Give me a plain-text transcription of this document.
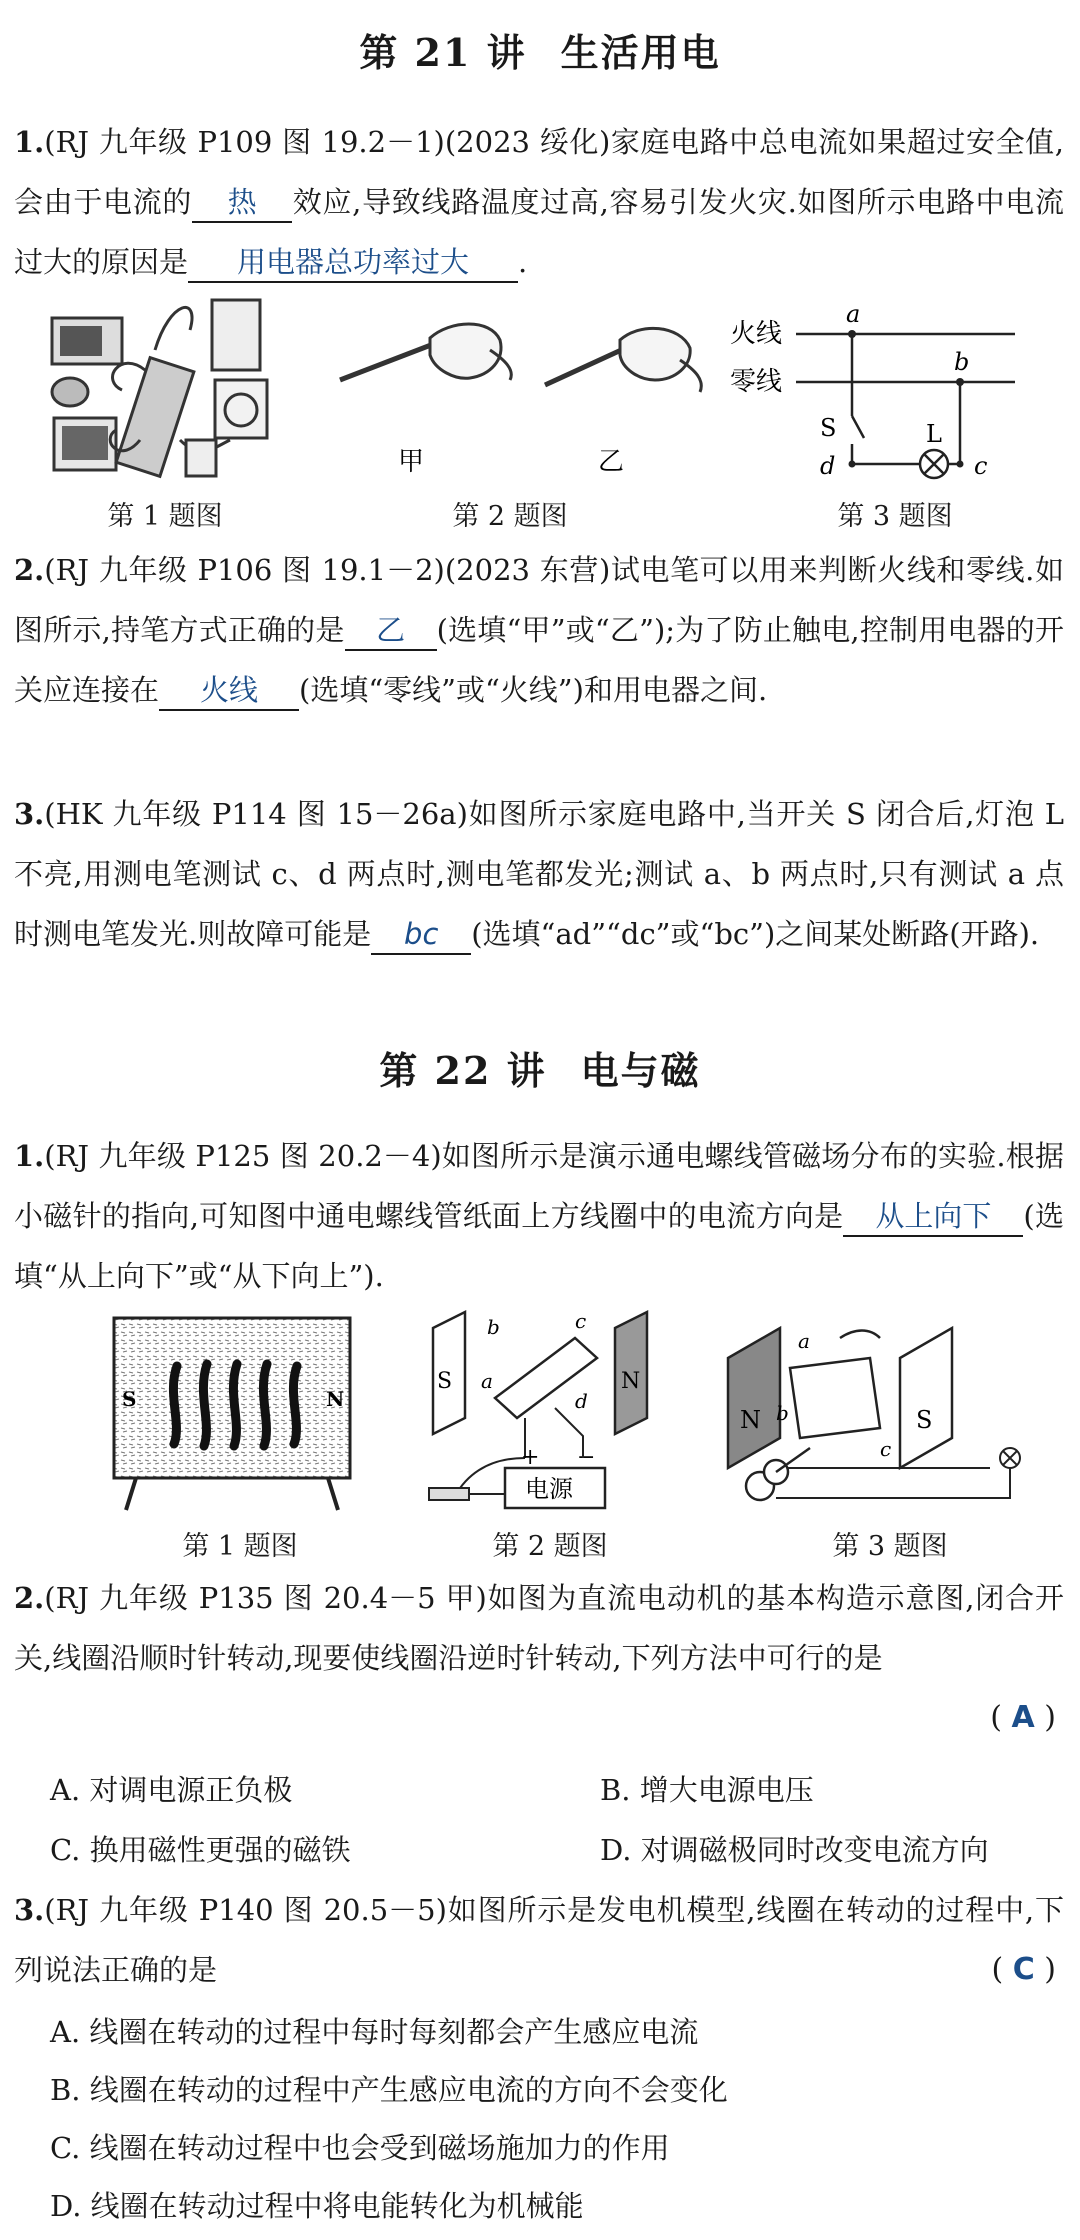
第 21 讲 生活用电
1.(RJ 九年级 P109 图 19.2－1)(2023 绥化)家庭电路中总电流如果超过安全值,会由于电流的 热 效应,导致线路温度过高,容易引发火灾.如图所示电路中电流过大的原因是 用电器总功率过大 .
第 1 题图
甲	乙
第 2 题图
火线
零线
a
b
S
d
L
c
第 3 题图
2.(RJ 九年级 P106 图 19.1－2)(2023 东营)试电笔可以用来判断火线和零线.如图所示,持笔方式正确的是 乙 (选填“甲”或“乙”);为了防止触电,控制用电器的开关应连接在 火线 (选填“零线”或“火线”)和用电器之间.
3.(HK 九年级 P114 图 15－26a)如图所示家庭电路中,当开关 S 闭合后,灯泡 L 不亮,用测电笔测试 c、d 两点时,测电笔都发光;测试 a、b 两点时,只有测试 a 点时测电笔发光.则故障可能是 bc (选填“ad”“dc”或“bc”)之间某处断路(开路).
第 22 讲 电与磁
1.(RJ 九年级 P125 图 20.2－4)如图所示是演示通电螺线管磁场分布的实验.根据小磁针的指向,可知图中通电螺线管纸面上方线圈中的电流方向是 从上向下 (选填“从上向下”或“从下向上”).
S	N
第 1 题图
S	N
b	c
a
d
电源
+ −
第 2 题图
N	S
a
b
c
第 3 题图
2.(RJ 九年级 P135 图 20.4－5 甲)如图为直流电动机的基本构造示意图,闭合开关,线圈沿顺时针转动,现要使线圈沿逆时针转动,下列方法中可行的是
( A )
A. 对调电源正负极	B. 增大电源电压
C. 换用磁性更强的磁铁	D. 对调磁极同时改变电流方向
3.(RJ 九年级 P140 图 20.5－5)如图所示是发电机模型,线圈在转动的过程中,下列说法正确的是	( C )
A. 线圈在转动的过程中每时每刻都会产生感应电流
B. 线圈在转动的过程中产生感应电流的方向不会变化
C. 线圈在转动过程中也会受到磁场施加力的作用
D. 线圈在转动过程中将电能转化为机械能
